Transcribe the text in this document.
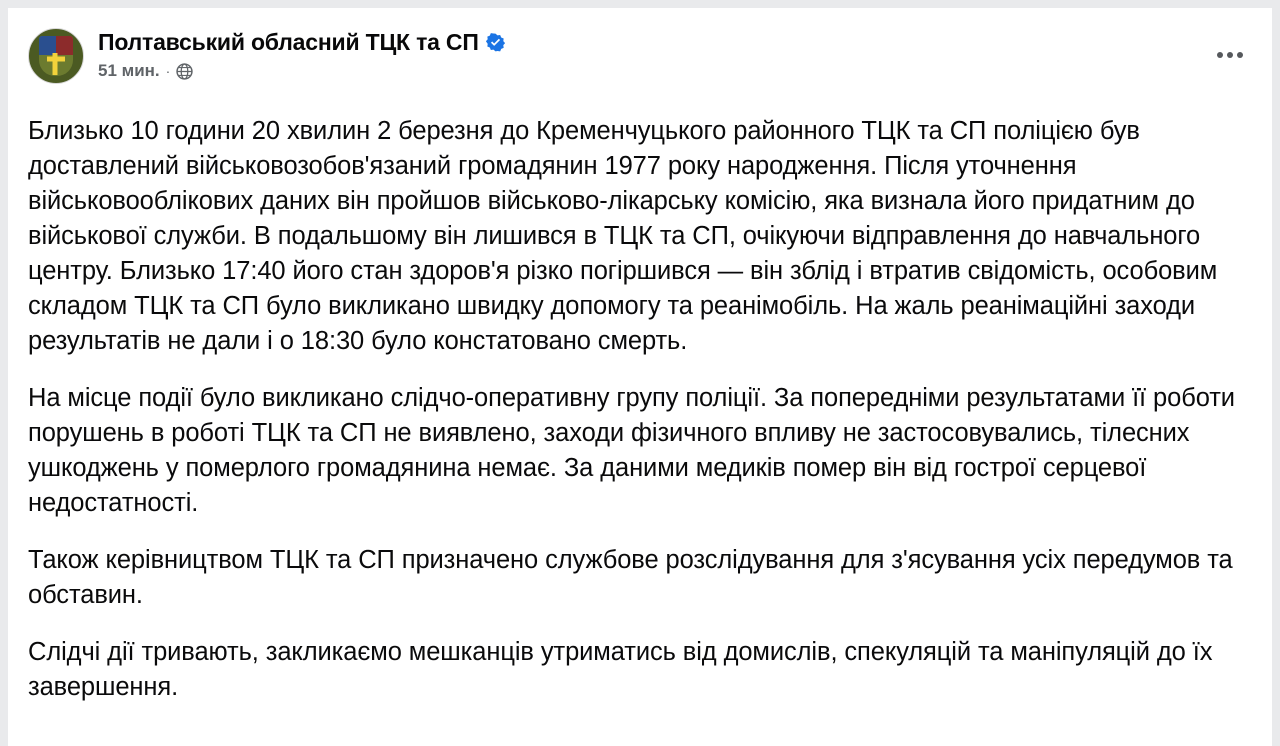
Полтавський обласний ТЦК та СП
51 мин. ·

Близько 10 години 20 хвилин 2 березня до Кременчуцького районного ТЦК та СП поліцією був доставлений військовозобов'язаний громадянин 1977 року народження. Після уточнення військовооблікових даних він пройшов військово-лікарську комісію, яка визнала його придатним до військової служби. В подальшому він лишився в ТЦК та СП, очікуючи відправлення до навчального центру. Близько 17:40 його стан здоров'я різко погіршився — він зблід і втратив свідомість, особовим складом ТЦК та СП було викликано швидку допомогу та реанімобіль. На жаль реанімаційні заходи результатів не дали і о 18:30 було констатовано смерть.

На місце події було викликано слідчо-оперативну групу поліції. За попередніми результатами її роботи порушень в роботі ТЦК та СП не виявлено, заходи фізичного впливу не застосовувались, тілесних ушкоджень у померлого громадянина немає. За даними медиків помер він від гострої серцевої недостатності.

Також керівництвом ТЦК та СП призначено службове розслідування для з'ясування усіх передумов та обставин.

Слідчі дії тривають, закликаємо мешканців утриматись від домислів, спекуляцій та маніпуляцій до їх завершення.
